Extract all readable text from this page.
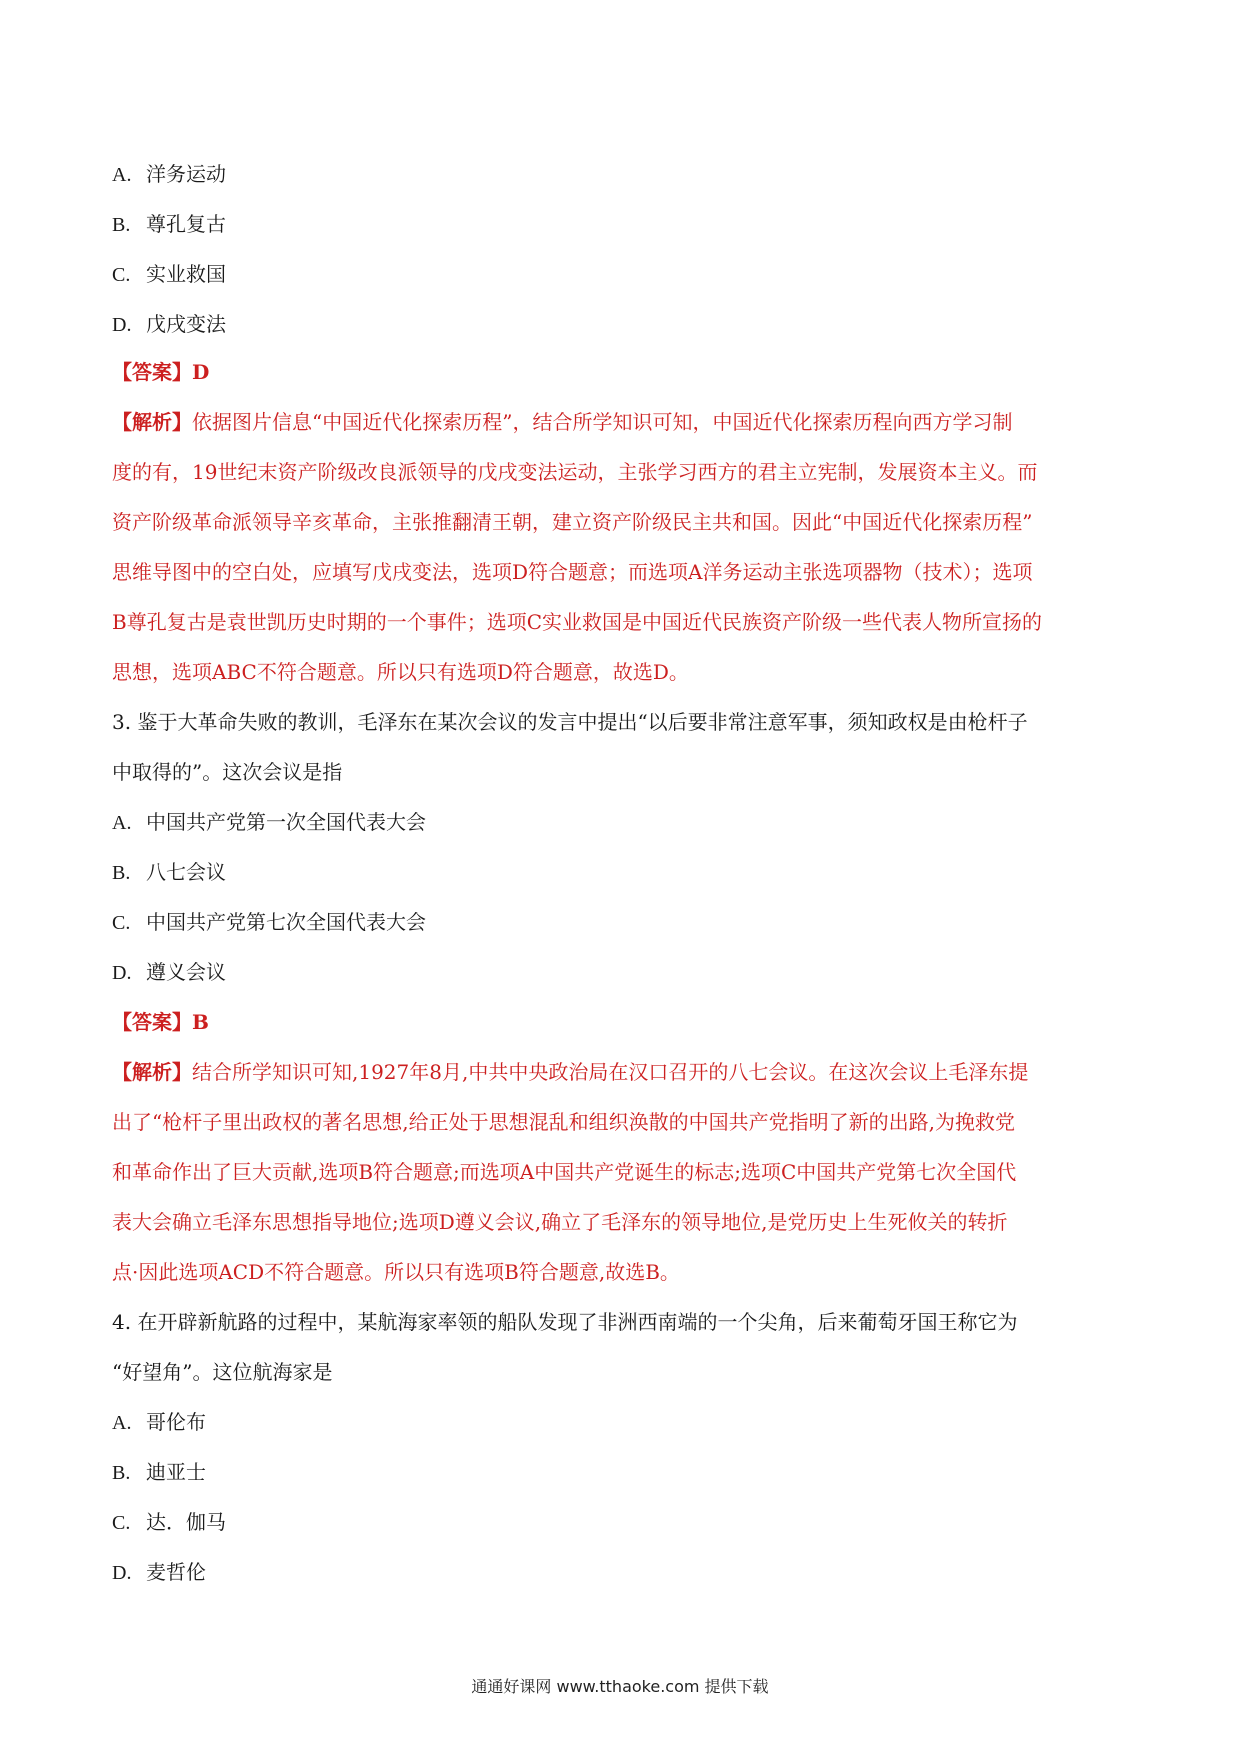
A. 洋务运动
B. 尊孔复古
C. 实业救国
D. 戊戌变法
【答案】D
【解析】依据图片信息“中国近代化探索历程”，结合所学知识可知，中国近代化探索历程向西方学习制
度的有，19世纪末资产阶级改良派领导的戊戌变法运动，主张学习西方的君主立宪制，发展资本主义。而
资产阶级革命派领导辛亥革命，主张推翻清王朝，建立资产阶级民主共和国。因此“中国近代化探索历程”
思维导图中的空白处，应填写戊戌变法，选项D符合题意；而选项A洋务运动主张选项器物（技术）；选项
B尊孔复古是袁世凯历史时期的一个事件；选项C实业救国是中国近代民族资产阶级一些代表人物所宣扬的
思想，选项ABC不符合题意。所以只有选项D符合题意，故选D。
3. 鉴于大革命失败的教训，毛泽东在某次会议的发言中提出“以后要非常注意军事，须知政权是由枪杆子
中取得的”。这次会议是指
A. 中国共产党第一次全国代表大会
B. 八七会议
C. 中国共产党第七次全国代表大会
D. 遵义会议
【答案】B
【解析】结合所学知识可知,1927年8月,中共中央政治局在汉口召开的八七会议。在这次会议上毛泽东提
出了“枪杆子里出政权的著名思想,给正处于思想混乱和组织涣散的中国共产党指明了新的出路,为挽救党
和革命作出了巨大贡献,选项B符合题意;而选项A中国共产党诞生的标志;选项C中国共产党第七次全国代
表大会确立毛泽东思想指导地位;选项D遵义会议,确立了毛泽东的领导地位,是党历史上生死攸关的转折
点·因此选项ACD不符合题意。所以只有选项B符合题意,故选B。
4. 在开辟新航路的过程中，某航海家率领的船队发现了非洲西南端的一个尖角，后来葡萄牙国王称它为
“好望角”。这位航海家是
A. 哥伦布
B. 迪亚士
C. 达．伽马
D. 麦哲伦
通通好课网 www.tthaoke.com 提供下载
